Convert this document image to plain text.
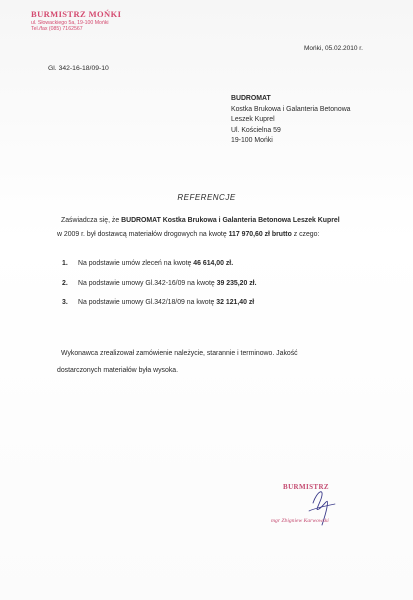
BURMISTRZ MOŃKI
ul. Słowackiego 5a, 19-100 Mońki
Tel./fax (085) 7162567
Mońki, 05.02.2010 r.
Gl. 342-16-18/09-10
BUDROMAT
Kostka Brukowa i Galanteria Betonowa
Leszek Kuprel
Ul. Kościelna 59
19-100 Mońki
REFERENCJE
Zaświadcza się, że BUDROMAT Kostka Brukowa i Galanteria Betonowa Leszek Kuprel
w 2009 r. był dostawcą materiałów drogowych na kwotę 117 970,60 zł brutto z czego:
1.	Na podstawie umów zleceń na kwotę 46 614,00 zł.
2.	Na podstawie umowy Gl.342-16/09 na kwotę 39 235,20 zł.
3.	Na podstawie umowy Gl.342/18/09 na kwotę 32 121,40 zł
Wykonawca zrealizował zamówienie należycie, starannie i terminowo. Jakość
dostarczonych materiałów była wysoka.
BURMISTRZ
mgr Zbigniew Karwowski
